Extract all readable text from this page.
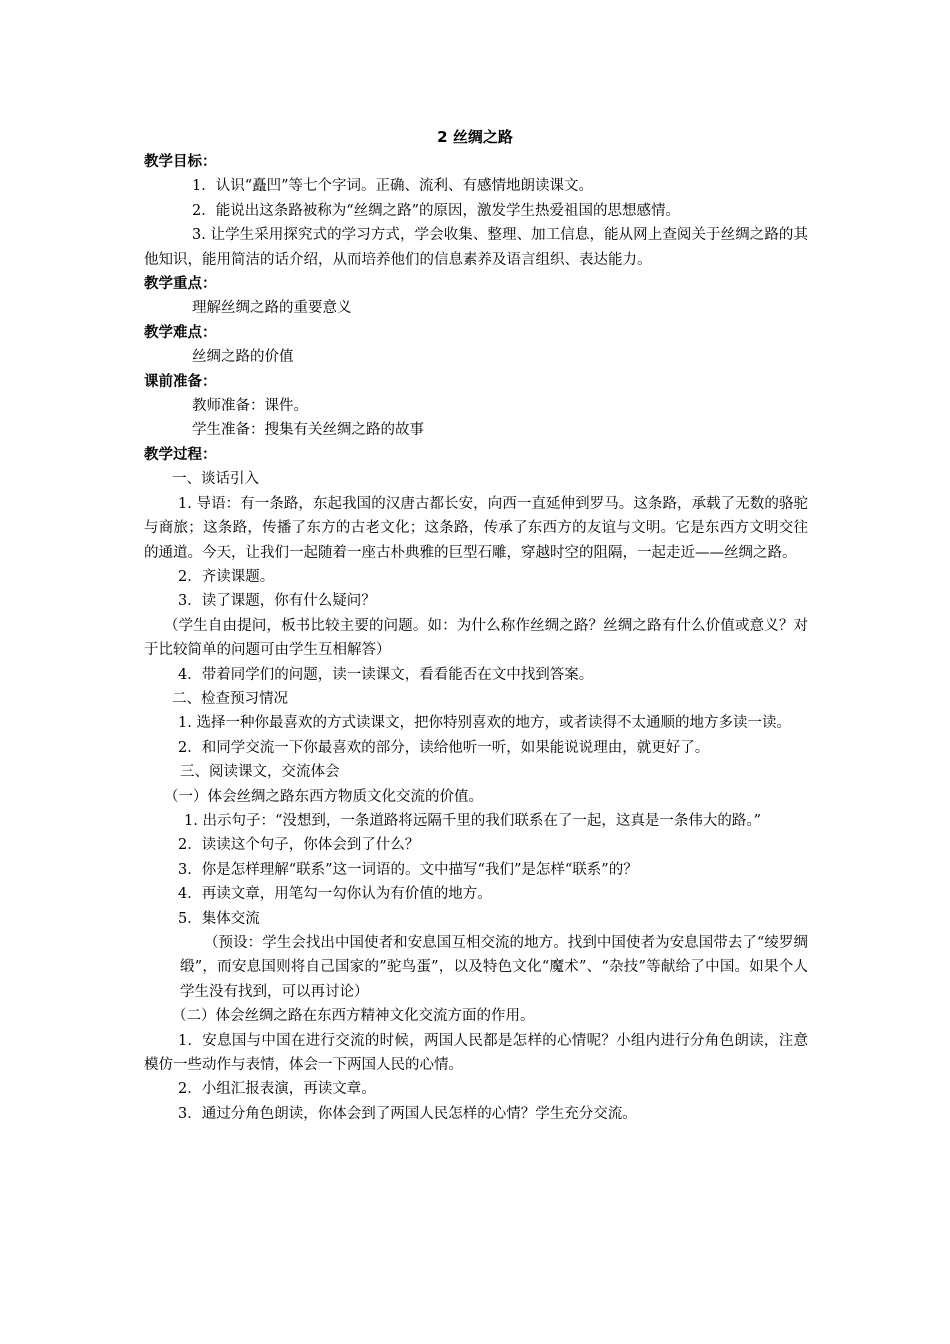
2 丝绸之路

教学目标：

1．认识“矗凹”等七个字词。正确、流利、有感情地朗读课文。

2．能说出这条路被称为“丝绸之路”的原因，激发学生热爱祖国的思想感情。

3. 让学生采用探究式的学习方式，学会收集、整理、加工信息，能从网上查阅关于丝绸之路的其他知识，能用简洁的话介绍，从而培养他们的信息素养及语言组织、表达能力。

教学重点：

理解丝绸之路的重要意义

教学难点：

丝绸之路的价值

课前准备：

教师准备：课件。

学生准备：搜集有关丝绸之路的故事

教学过程：

一、谈话引入

1. 导语：有一条路，东起我国的汉唐古都长安，向西一直延伸到罗马。这条路，承载了无数的骆驼与商旅；这条路，传播了东方的古老文化；这条路，传承了东西方的友谊与文明。它是东西方文明交往的通道。今天，让我们一起随着一座古朴典雅的巨型石雕，穿越时空的阻隔，一起走近——丝绸之路。

2．齐读课题。

3．读了课题，你有什么疑问？

（学生自由提问，板书比较主要的问题。如：为什么称作丝绸之路？丝绸之路有什么价值或意义？对于比较简单的问题可由学生互相解答）

4．带着同学们的问题，读一读课文，看看能否在文中找到答案。

二、检查预习情况

1. 选择一种你最喜欢的方式读课文，把你特别喜欢的地方，或者读得不太通顺的地方多读一读。

2．和同学交流一下你最喜欢的部分，读给他听一听，如果能说说理由，就更好了。

三、阅读课文，交流体会

（一）体会丝绸之路东西方物质文化交流的价值。

1. 出示句子：“没想到，一条道路将远隔千里的我们联系在了一起，这真是一条伟大的路。”

2．读读这个句子，你体会到了什么？

3．你是怎样理解“联系”这一词语的。文中描写“我们”是怎样“联系”的？

4．再读文章，用笔勾一勾你认为有价值的地方。

5．集体交流

（预设：学生会找出中国使者和安息国互相交流的地方。找到中国使者为安息国带去了“绫罗绸缎”，而安息国则将自己国家的”驼鸟蛋”，以及特色文化“魔术”、“杂技”等献给了中国。如果个人学生没有找到，可以再讨论）

（二）体会丝绸之路在东西方精神文化交流方面的作用。

1．安息国与中国在进行交流的时候，两国人民都是怎样的心情呢？小组内进行分角色朗读，注意模仿一些动作与表情，体会一下两国人民的心情。

2．小组汇报表演，再读文章。

3．通过分角色朗读，你体会到了两国人民怎样的心情？学生充分交流。
